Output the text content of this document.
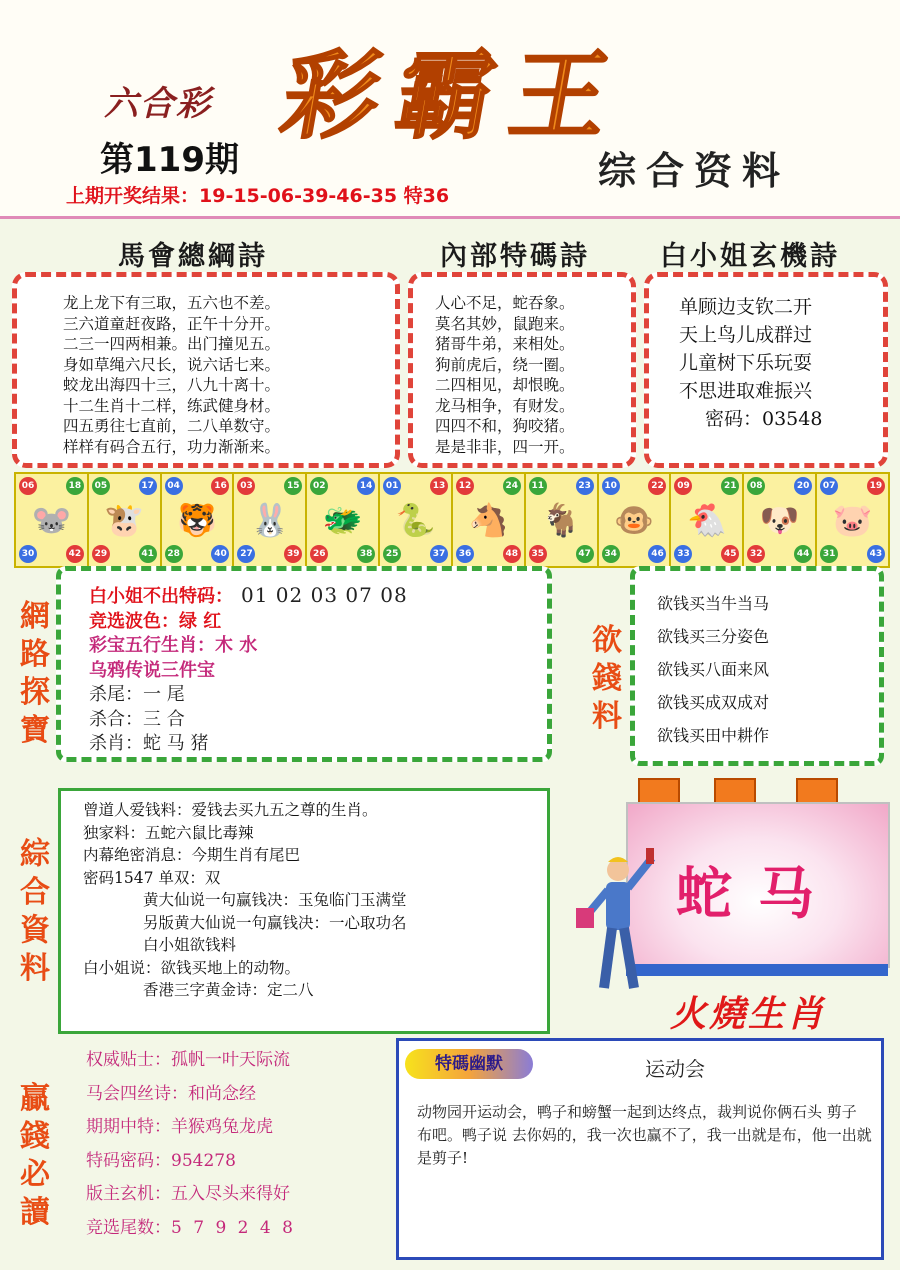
六合彩 彩霸王
第119期	综合资料
上期开奖结果：19-15-06-39-46-35 特36
馬會總綱詩	內部特碼詩	白小姐玄機詩
龙上龙下有三取，五六也不差。
三六道童赶夜路，正午十分开。
二三一四两相兼。出门撞见五。
身如草绳六尺长，说六话七来。
蛟龙出海四十三，八九十离十。
十二生肖十二样，练武健身材。
四五勇往七直前，二八单数守。
样样有码合五行，功力渐渐来。
人心不足，蛇吞象。
莫名其妙，鼠跑来。
猪哥牛弟，来相处。
狗前虎后，绕一圈。
二四相见，却恨晚。
龙马相争，有财发。
四四不和，狗咬猪。
是是非非，四一开。
单顾边支钦二开
天上鸟儿成群过
儿童树下乐玩耍
不思进取难振兴
密码：03548
06	18
30	42
🐭
05	17
29	41
🐮
04	16
28	40
🐯
03	15
27	39
🐰
02	14
26	38
🐲
01	13
25	37
🐍
12	24
36	48
🐴
11	23
35	47
🐐
10	22
34	46
🐵
09	21
33	45
🐔
08	20
32	44
🐶
07	19
31	43
🐷
網
路
探
寶
白小姐不出特码： 01 02 03 07 08
竞选波色：绿 红
彩宝五行生肖：木 水
乌鸦传说三件宝
杀尾：一 尾
杀合：三 合
杀肖：蛇 马 猪
欲
錢
料
欲钱买当牛当马
欲钱买三分姿色
欲钱买八面来风
欲钱买成双成对
欲钱买田中耕作
綜
合
資
料
曾道人爱钱料：爱钱去买九五之尊的生肖。
独家料：五蛇六鼠比毒辣
内幕绝密消息：今期生肖有尾巴
密码1547 单双：双
黄大仙说一句赢钱决：玉兔临门玉满堂
另版黄大仙说一句赢钱决：一心取功名
白小姐欲钱料
白小姐说：欲钱买地上的动物。
香港三字黄金诗：定二八
蛇马
火燒生肖
贏
錢
必
讀
权威贴士：孤帆一叶天际流
马会四丝诗：和尚念经
期期中特：羊猴鸡兔龙虎
特码密码：954278
版主玄机：五入尽头来得好
竞选尾数：5 7 9 2 4 8
特碼幽默	运动会
动物园开运动会，鸭子和螃蟹一起到达终点，裁判说你俩石头 剪子 布吧。鸭子说 去你妈的，我一次也赢不了，我一出就是布，他一出就是剪子!
